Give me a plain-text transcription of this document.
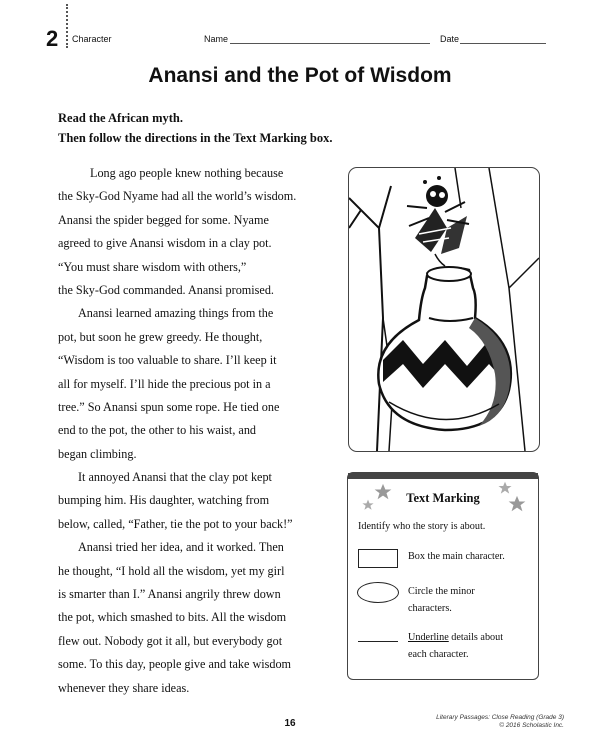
2 Character	Name	Date
Anansi and the Pot of Wisdom
Read the African myth.
Then follow the directions in the Text Marking box.
Long ago people knew nothing because
the Sky-God Nyame had all the world’s wisdom.
Anansi the spider begged for some. Nyame
agreed to give Anansi wisdom in a clay pot.
“You must share wisdom with others,”
the Sky-God commanded. Anansi promised.
Anansi learned amazing things from the
pot, but soon he grew greedy. He thought,
“Wisdom is too valuable to share. I’ll keep it
all for myself. I’ll hide the precious pot in a
tree.” So Anansi spun some rope. He tied one
end to the pot, the other to his waist, and
began climbing.
It annoyed Anansi that the clay pot kept
bumping him. His daughter, watching from
below, called, “Father, tie the pot to your back!”
Anansi tried her idea, and it worked. Then
he thought, “I hold all the wisdom, yet my girl
is smarter than I.” Anansi angrily threw down
the pot, which smashed to bits. All the wisdom
flew out. Nobody got it all, but everybody got
some. To this day, people give and take wisdom
whenever they share ideas.
Text Marking
Identify who the story is about.
Box the main character.
Circle the minor
characters.
Underline details about
each character.
16
Literary Passages: Close Reading (Grade 3)
© 2016 Scholastic Inc.
